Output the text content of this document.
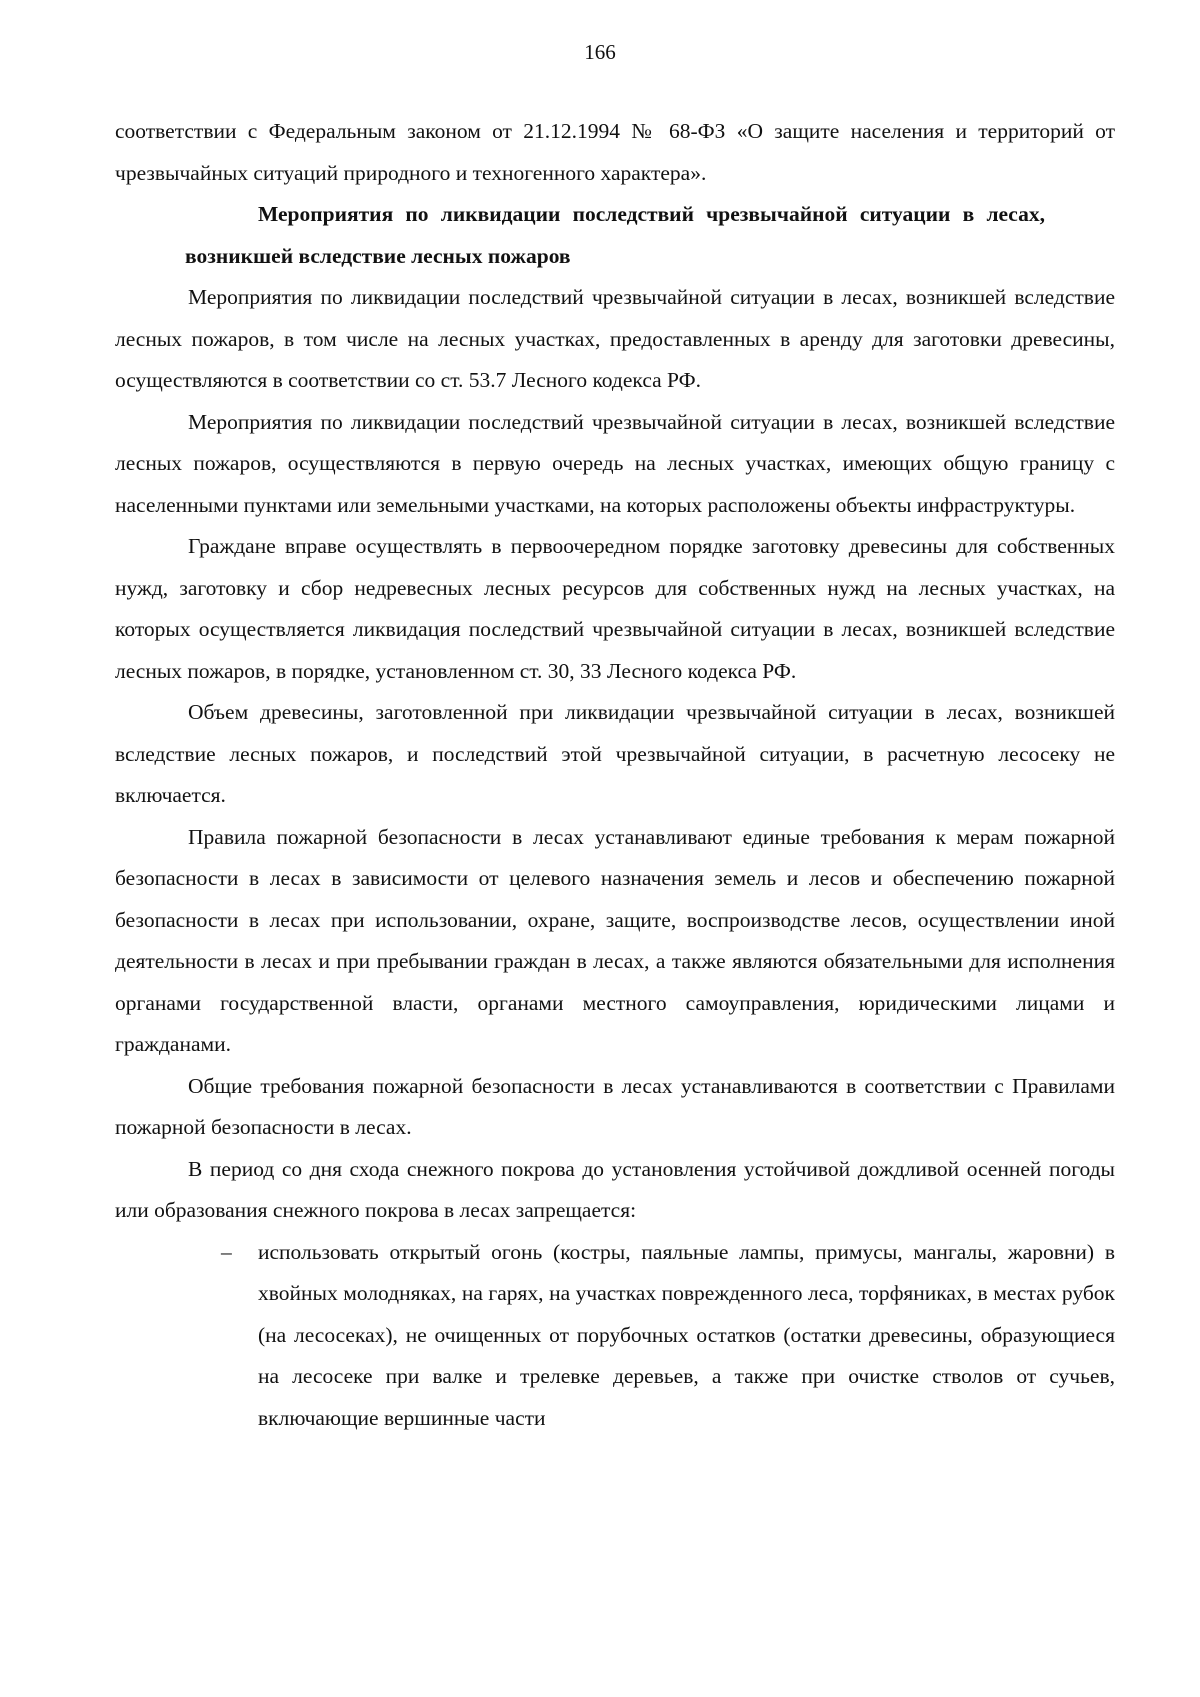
166

соответствии с Федеральным законом от 21.12.1994 № 68-ФЗ «О защите населения и территорий от чрезвычайных ситуаций природного и техногенного характера».

Мероприятия по ликвидации последствий чрезвычайной ситуации в лесах, возникшей вследствие лесных пожаров

Мероприятия по ликвидации последствий чрезвычайной ситуации в лесах, возникшей вследствие лесных пожаров, в том числе на лесных участках, предоставленных в аренду для заготовки древесины, осуществляются в соответствии со ст. 53.7 Лесного кодекса РФ.

Мероприятия по ликвидации последствий чрезвычайной ситуации в лесах, возникшей вследствие лесных пожаров, осуществляются в первую очередь на лесных участках, имеющих общую границу с населенными пунктами или земельными участками, на которых расположены объекты инфраструктуры.

Граждане вправе осуществлять в первоочередном порядке заготовку древесины для собственных нужд, заготовку и сбор недревесных лесных ресурсов для собственных нужд на лесных участках, на которых осуществляется ликвидация последствий чрезвычайной ситуации в лесах, возникшей вследствие лесных пожаров, в порядке, установленном ст. 30, 33 Лесного кодекса РФ.

Объем древесины, заготовленной при ликвидации чрезвычайной ситуации в лесах, возникшей вследствие лесных пожаров, и последствий этой чрезвычайной ситуации, в расчетную лесосеку не включается.

Правила пожарной безопасности в лесах устанавливают единые требования к мерам пожарной безопасности в лесах в зависимости от целевого назначения земель и лесов и обеспечению пожарной безопасности в лесах при использовании, охране, защите, воспроизводстве лесов, осуществлении иной деятельности в лесах и при пребывании граждан в лесах, а также являются обязательными для исполнения органами государственной власти, органами местного самоуправления, юридическими лицами и гражданами.

Общие требования пожарной безопасности в лесах устанавливаются в соответствии с Правилами пожарной безопасности в лесах.

В период со дня схода снежного покрова до установления устойчивой дождливой осенней погоды или образования снежного покрова в лесах запрещается:

– использовать открытый огонь (костры, паяльные лампы, примусы, мангалы, жаровни) в хвойных молодняках, на гарях, на участках поврежденного леса, торфяниках, в местах рубок (на лесосеках), не очищенных от порубочных остатков (остатки древесины, образующиеся на лесосеке при валке и трелевке деревьев, а также при очистке стволов от сучьев, включающие вершинные части
